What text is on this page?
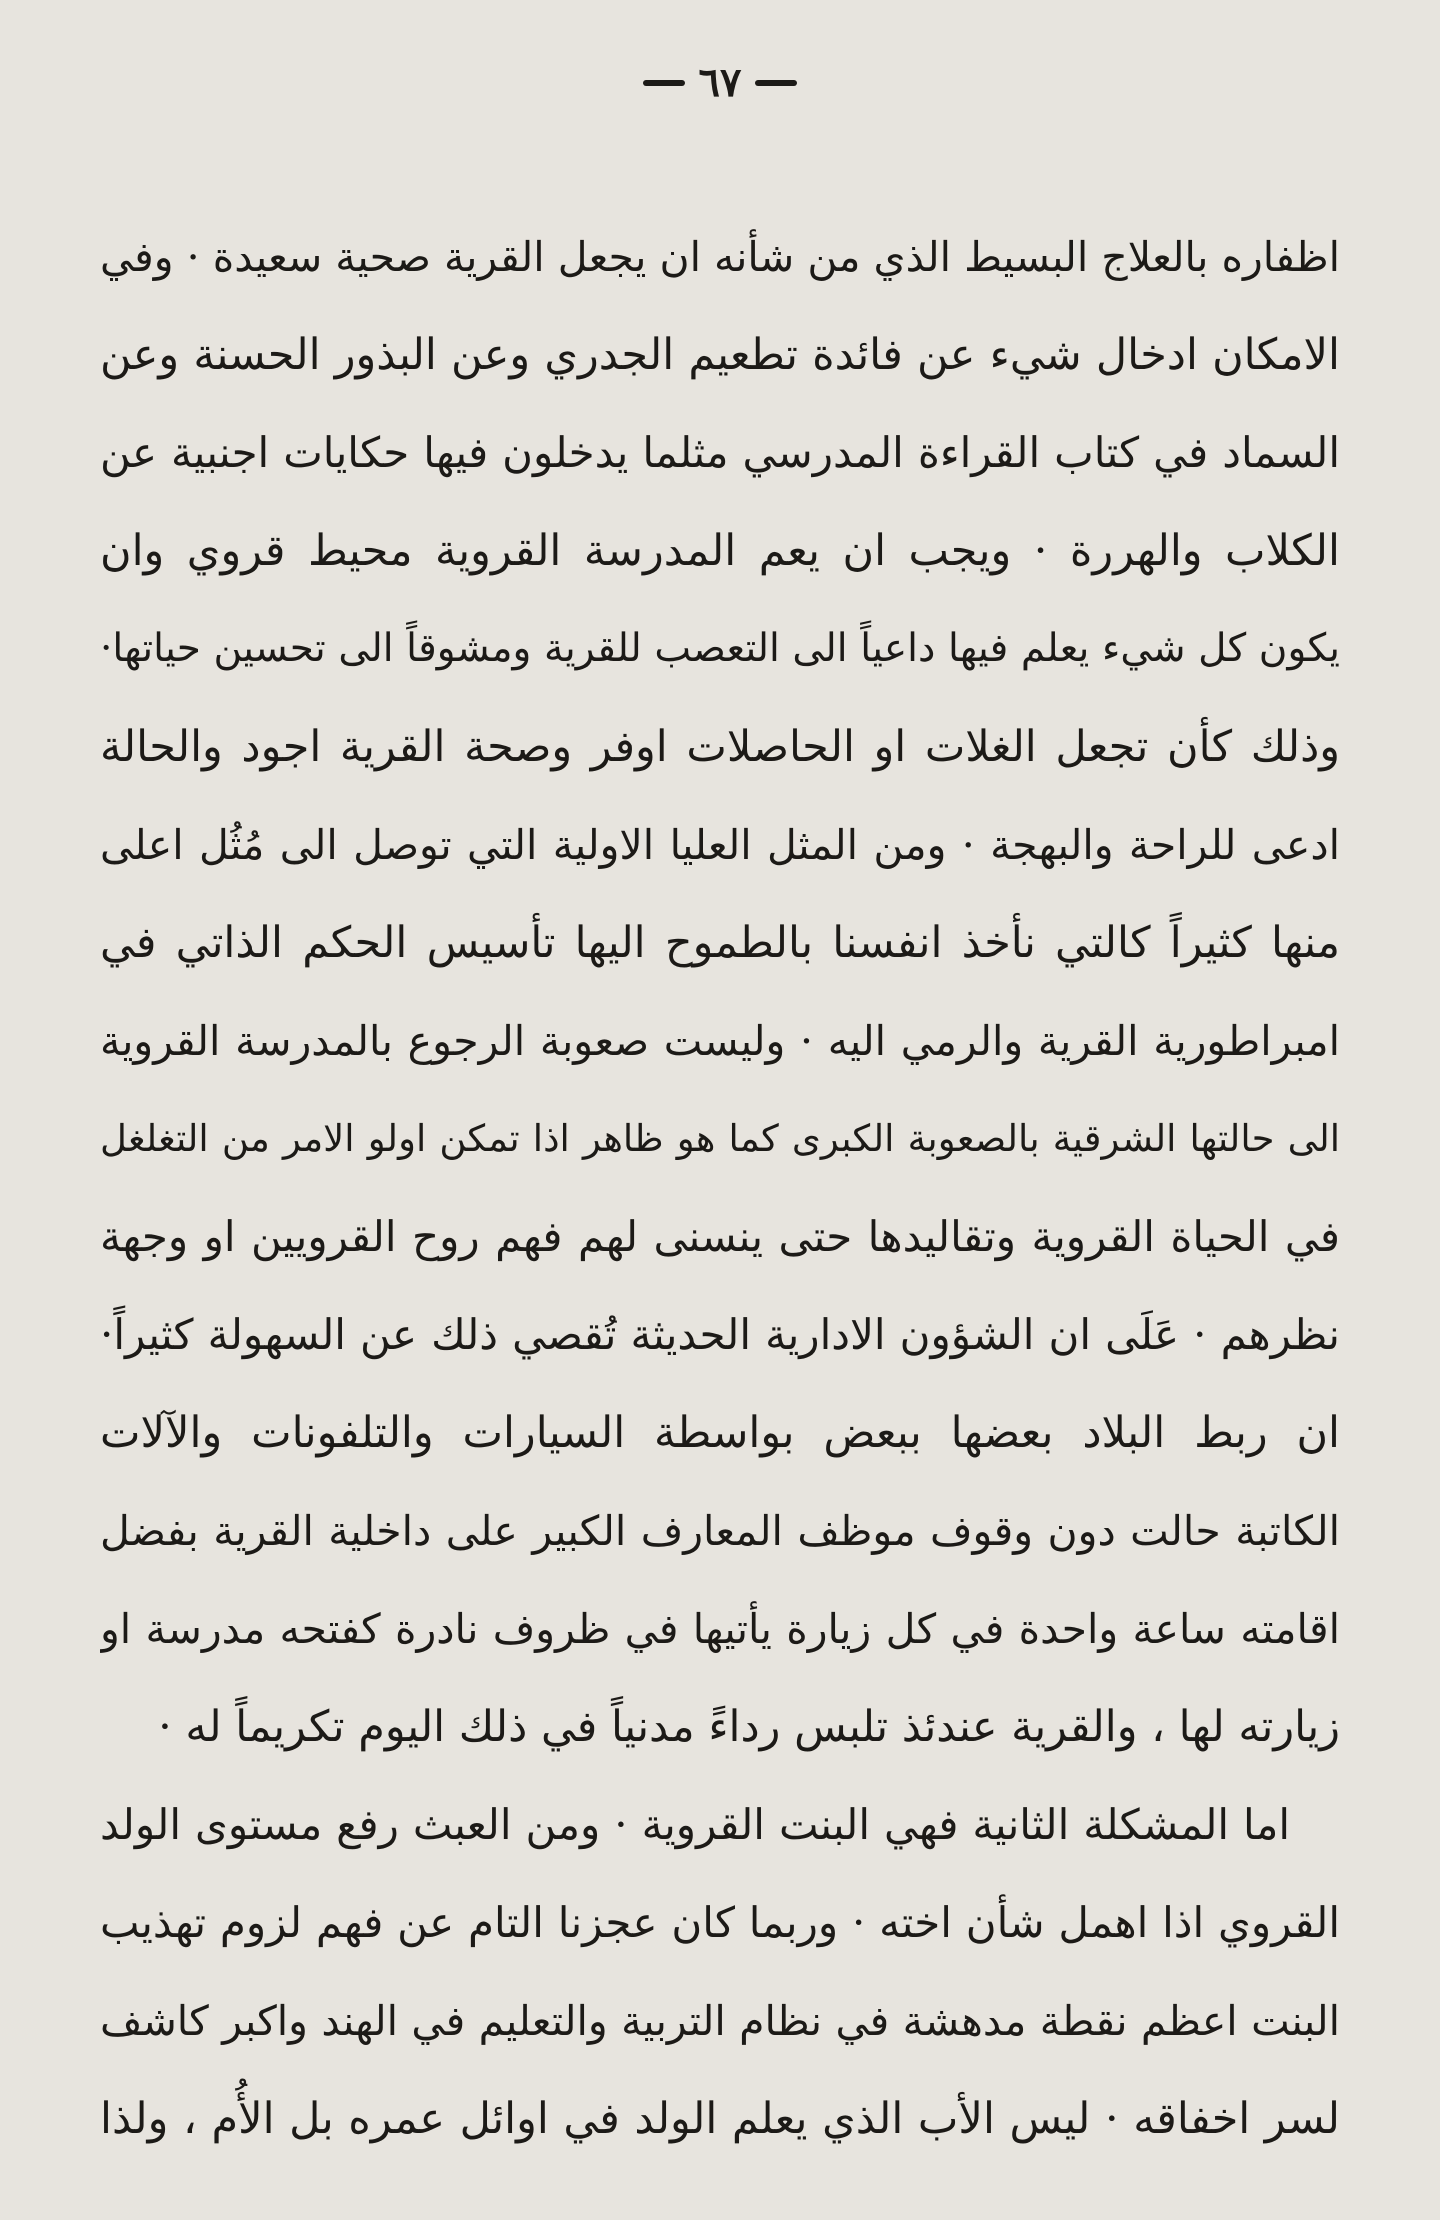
٦٧
اظفاره بالعلاج البسيط الذي من شأنه ان يجعل القرية صحية سعيدة · وفي
الامكان ادخال شيء عن فائدة تطعيم الجدري وعن البذور الحسنة وعن
السماد في كتاب القراءة المدرسي مثلما يدخلون فيها حكايات اجنبية عن
الكلاب والهررة · ويجب ان يعم المدرسة القروية محيط قروي وان
يكون كل شيء يعلم فيها داعياً الى التعصب للقرية ومشوقاً الى تحسين حياتها·
وذلك كأن تجعل الغلات او الحاصلات اوفر وصحة القرية اجود والحالة
ادعى للراحة والبهجة · ومن المثل العليا الاولية التي توصل الى مُثُل اعلى
منها كثيراً كالتي نأخذ انفسنا بالطموح اليها تأسيس الحكم الذاتي في
امبراطورية القرية والرمي اليه · وليست صعوبة الرجوع بالمدرسة القروية
الى حالتها الشرقية بالصعوبة الكبرى كما هو ظاهر اذا تمكن اولو الامر من التغلغل
في الحياة القروية وتقاليدها حتى ينسنى لهم فهم روح القرويين او وجهة
نظرهم · عَلَى ان الشؤون الادارية الحديثة تُقصي ذلك عن السهولة كثيراً·
ان ربط البلاد بعضها ببعض بواسطة السيارات والتلفونات والآلات
الكاتبة حالت دون وقوف موظف المعارف الكبير على داخلية القرية بفضل
اقامته ساعة واحدة في كل زيارة يأتيها في ظروف نادرة كفتحه مدرسة او
زيارته لها ، والقرية عندئذ تلبس رداءً مدنياً في ذلك اليوم تكريماً له ·
اما المشكلة الثانية فهي البنت القروية · ومن العبث رفع مستوى الولد
القروي اذا اهمل شأن اخته · وربما كان عجزنا التام عن فهم لزوم تهذيب
البنت اعظم نقطة مدهشة في نظام التربية والتعليم في الهند واكبر كاشف
لسر اخفاقه · ليس الأب الذي يعلم الولد في اوائل عمره بل الأُم ، ولذا
